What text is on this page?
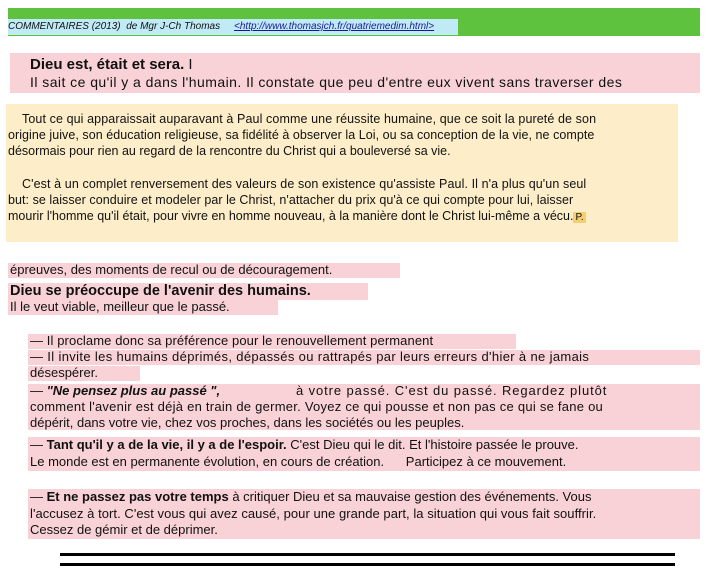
COMMENTAIRES (2013) de Mgr J-Ch Thomas <http://www.thomasjch.fr/quatriemedim.html>
Dieu est, était et sera. I
Il sait ce qu'il y a dans l'humain. Il constate que peu d'entre eux vivent sans traverser des
Tout ce qui apparaissait auparavant à Paul comme une réussite humaine, que ce soit la pureté de son
origine juive, son éducation religieuse, sa fidélité à observer la Loi, ou sa conception de la vie, ne compte
désormais pour rien au regard de la rencontre du Christ qui a bouleversé sa vie.
C'est à un complet renversement des valeurs de son existence qu'assiste Paul. Il n'a plus qu'un seul
but: se laisser conduire et modeler par le Christ, n'attacher du prix qu'à ce qui compte pour lui, laisser
mourir l'homme qu'il était, pour vivre en homme nouveau, à la manière dont le Christ lui-même a vécu. P.
épreuves, des moments de recul ou de découragement.
Dieu se préoccupe de l'avenir des humains.
Il le veut viable, meilleur que le passé.
— Il proclame donc sa préférence pour le renouvellement permanent
— Il invite les humains déprimés, dépassés ou rattrapés par leurs erreurs d'hier à ne jamais
désespérer.
— "Ne pensez plus au passé ",	à votre passé. C'est du passé. Regardez plutôt
comment l'avenir est déjà en train de germer. Voyez ce qui pousse et non pas ce qui se fane ou
dépérit, dans votre vie, chez vos proches, dans les sociétés ou les peuples.
— Tant qu'il y a de la vie, il y a de l'espoir. C'est Dieu qui le dit. Et l'histoire passée le prouve.
Le monde est en permanente évolution, en cours de création.      Participez à ce mouvement.
— Et ne passez pas votre temps à critiquer Dieu et sa mauvaise gestion des événements. Vous
l'accusez à tort. C'est vous qui avez causé, pour une grande part, la situation qui vous fait souffrir.
Cessez de gémir et de déprimer.
